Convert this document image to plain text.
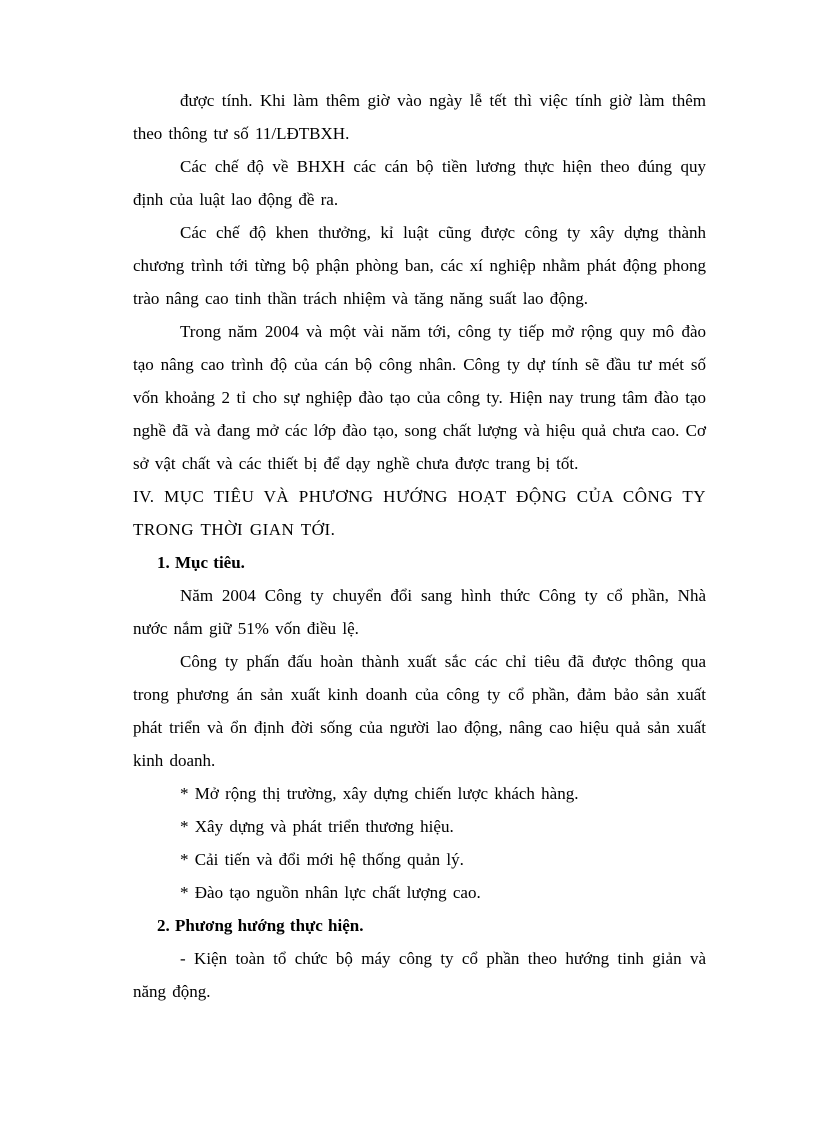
được tính. Khi làm thêm giờ vào ngày lễ tết thì việc tính giờ làm thêm theo thông tư số 11/LĐTBXH.

Các chế độ về BHXH các cán bộ tiền lương thực hiện theo đúng quy định của luật lao động đề ra.

Các chế độ khen thưởng, kỉ luật cũng được công ty xây dựng thành chương trình tới từng bộ phận phòng ban, các xí nghiệp nhằm phát động phong trào nâng cao tinh thần trách nhiệm và tăng năng suất lao động.

Trong năm 2004 và một vài năm tới, công ty tiếp mở rộng quy mô đào tạo nâng cao trình độ của cán bộ công nhân. Công ty dự tính sẽ đầu tư mét số vốn khoảng 2 tỉ cho sự nghiệp đào tạo của công ty. Hiện nay trung tâm đào tạo nghề đã và đang mở các lớp đào tạo, song chất lượng và hiệu quả chưa cao. Cơ sở vật chất và các thiết bị để dạy nghề chưa được trang bị tốt.

IV. MỤC TIÊU VÀ PHƯƠNG HƯỚNG HOẠT ĐỘNG CỦA CÔNG TY TRONG THỜI GIAN TỚI.

1. Mục tiêu.

Năm 2004 Công ty chuyển đổi sang hình thức Công ty cổ phần, Nhà nước nắm giữ 51% vốn điều lệ.

Công ty phấn đấu hoàn thành xuất sắc các chỉ tiêu đã được thông qua trong phương án sản xuất kinh doanh của công ty cổ phần, đảm bảo sản xuất phát triển và ổn định đời sống của người lao động, nâng cao hiệu quả sản xuất kinh doanh.

* Mở rộng thị trường, xây dựng chiến lược khách hàng.

* Xây dựng và phát triển thương hiệu.

* Cải tiến và đổi mới hệ thống quản lý.

* Đào tạo nguồn nhân lực chất lượng cao.

2. Phương hướng thực hiện.

- Kiện toàn tổ chức bộ máy công ty cổ phần theo hướng tinh giản và năng động.
